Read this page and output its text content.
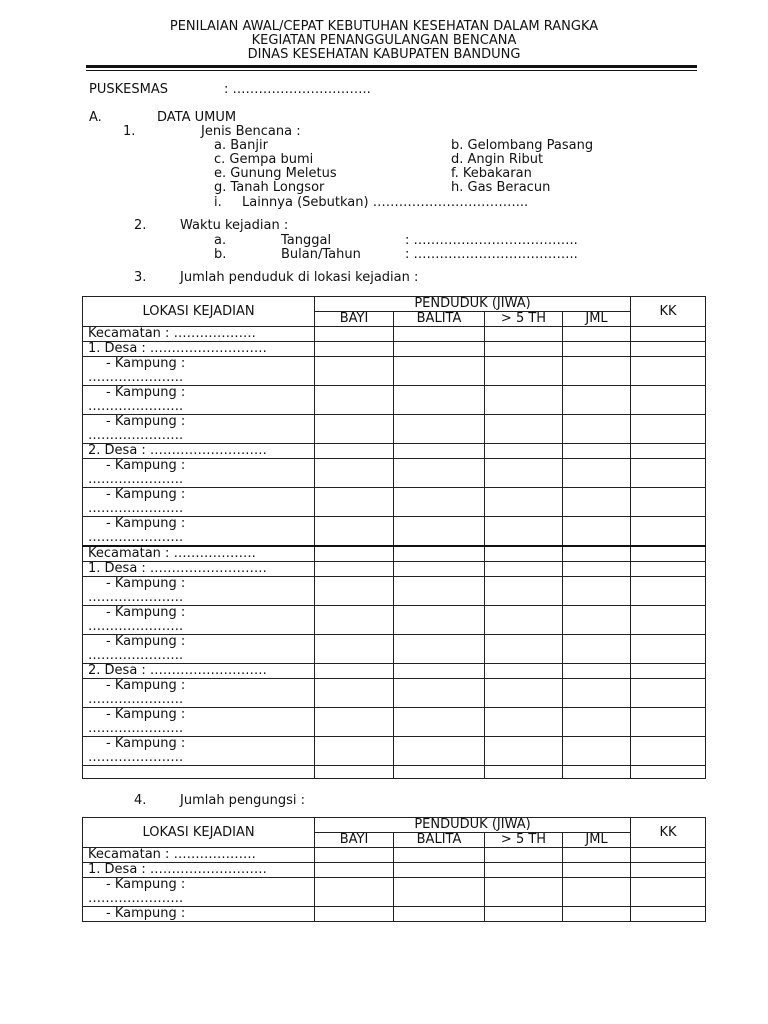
PENILAIAN AWAL/CEPAT KEBUTUHAN KESEHATAN DALAM RANGKA
KEGIATAN PENANGGULANGAN BENCANA
DINAS KESEHATAN KABUPATEN BANDUNG
PUSKESMAS	: …………………………..
A.	DATA UMUM
1.	Jenis Bencana :
a. Banjir
c. Gempa bumi
e. Gunung Meletus
g. Tanah Longsor
b. Gelombang Pasang
d. Angin Ribut
f. Kebakaran
h. Gas Beracun
i. Lainnya (Sebutkan) ……………………………...
2.	Waktu kejadian :
a.	Tanggal	: ………………………………..
b.	Bulan/Tahun	: ………………………………..
3.	Jumlah penduduk di lokasi kejadian :
LOKASI KEJADIAN	PENDUDUK (JIWA)				KK
	BAYI	BALITA	> 5 TH	JML	
Kecamatan : ……………….					
1. Desa : ………………………					
- Kampung :
………………….					
- Kampung :
………………….					
- Kampung :
………………….					
2. Desa : ………………………					
- Kampung :
………………….					
- Kampung :
………………….					
- Kampung :
………………….					
Kecamatan : ……………….					
1. Desa : ………………………					
- Kampung :
………………….					
- Kampung :
………………….					
- Kampung :
………………….					
2. Desa : ………………………					
- Kampung :
………………….					
- Kampung :
………………….					
- Kampung :
………………….					

4.	Jumlah pengungsi :
LOKASI KEJADIAN	PENDUDUK (JIWA)				KK
	BAYI	BALITA	> 5 TH	JML	
Kecamatan : ……………….					
1. Desa : ………………………					
- Kampung :
………………….					
- Kampung :					
